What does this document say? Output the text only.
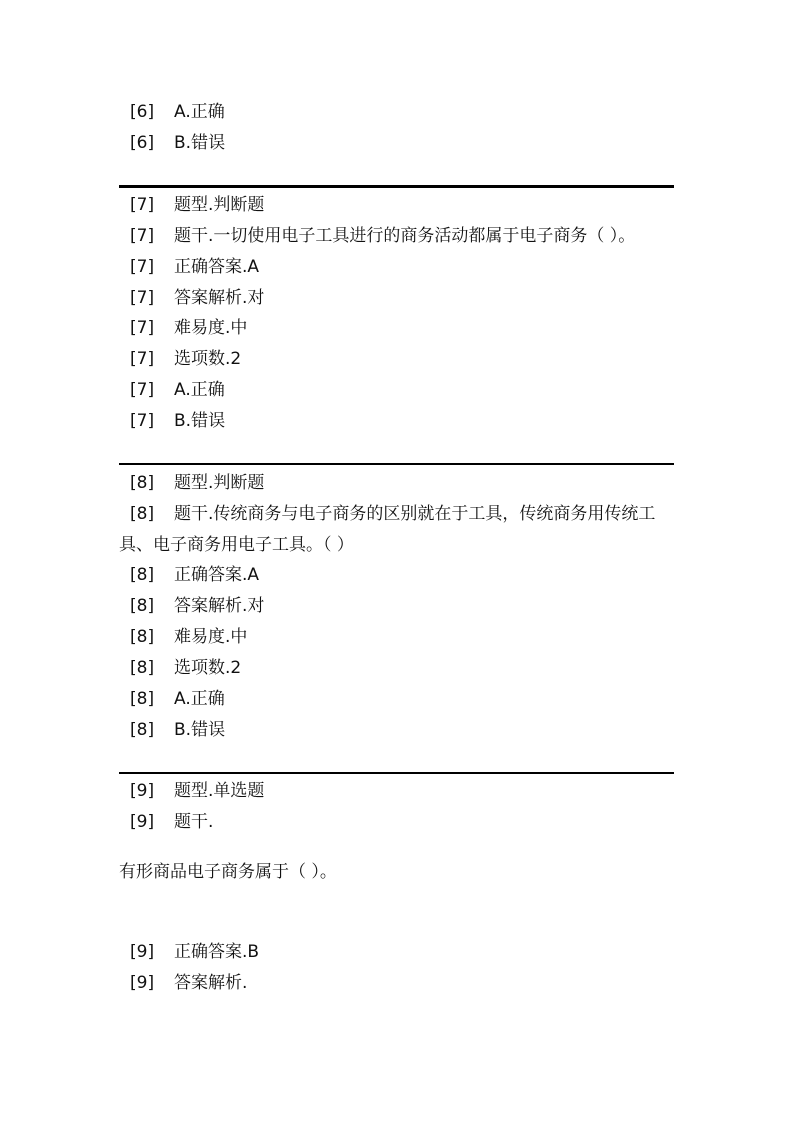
[6] A.正确
[6] B.错误
[7] 题型.判断题
[7] 题干.一切使用电子工具进行的商务活动都属于电子商务（ ）。
[7] 正确答案.A
[7] 答案解析.对
[7] 难易度.中
[7] 选项数.2
[7] A.正确
[7] B.错误
[8] 题型.判断题
[8] 题干.传统商务与电子商务的区别就在于工具，传统商务用传统工具、电子商务用电子工具。（ ）
[8] 正确答案.A
[8] 答案解析.对
[8] 难易度.中
[8] 选项数.2
[8] A.正确
[8] B.错误
[9] 题型.单选题
[9] 题干.
有形商品电子商务属于（ ）。
[9] 正确答案.B
[9] 答案解析.
